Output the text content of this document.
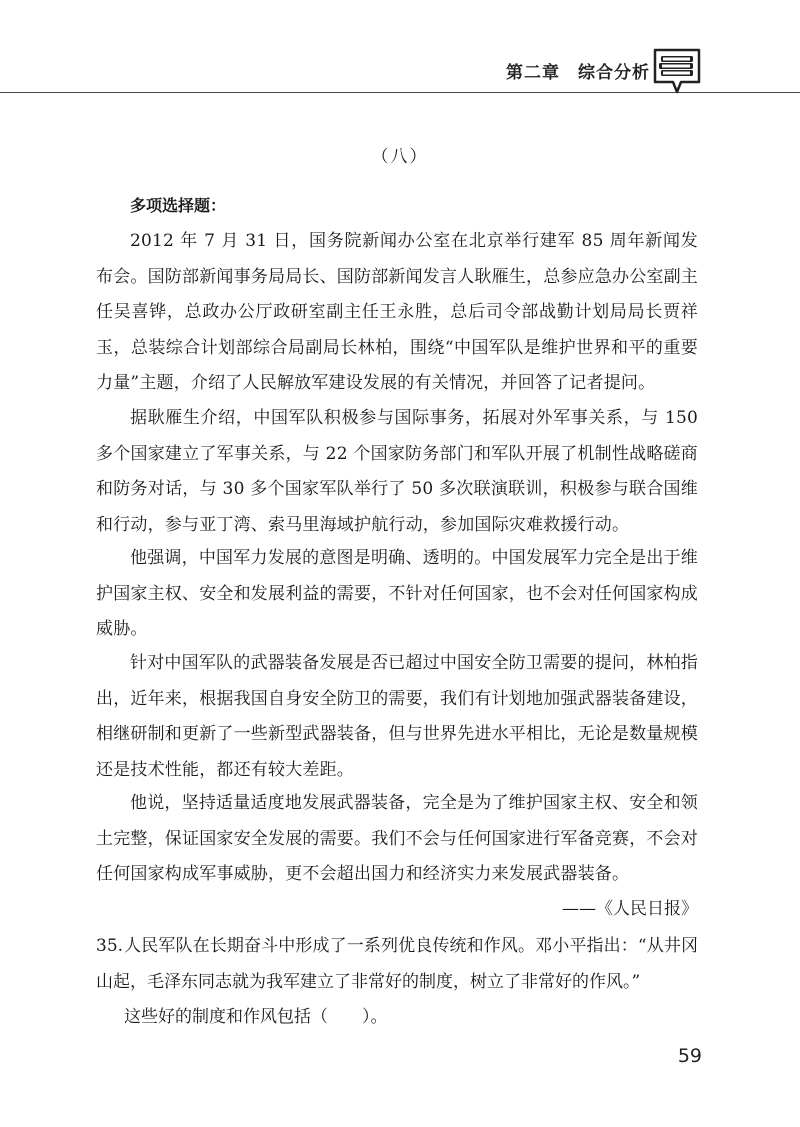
第二章　综合分析
（八）
多项选择题：

2012 年 7 月 31 日，国务院新闻办公室在北京举行建军 85 周年新闻发布会。国防部新闻事务局局长、国防部新闻发言人耿雁生，总参应急办公室副主任吴喜铧，总政办公厅政研室副主任王永胜，总后司令部战勤计划局局长贾祥玉，总装综合计划部综合局副局长林柏，围绕“中国军队是维护世界和平的重要力量”主题，介绍了人民解放军建设发展的有关情况，并回答了记者提问。

据耿雁生介绍，中国军队积极参与国际事务，拓展对外军事关系，与 150 多个国家建立了军事关系，与 22 个国家防务部门和军队开展了机制性战略磋商和防务对话，与 30 多个国家军队举行了 50 多次联演联训，积极参与联合国维和行动，参与亚丁湾、索马里海域护航行动，参加国际灾难救援行动。

他强调，中国军力发展的意图是明确、透明的。中国发展军力完全是出于维护国家主权、安全和发展利益的需要，不针对任何国家，也不会对任何国家构成威胁。

针对中国军队的武器装备发展是否已超过中国安全防卫需要的提问，林柏指出，近年来，根据我国自身安全防卫的需要，我们有计划地加强武器装备建设，相继研制和更新了一些新型武器装备，但与世界先进水平相比，无论是数量规模还是技术性能，都还有较大差距。

他说，坚持适量适度地发展武器装备，完全是为了维护国家主权、安全和领土完整，保证国家安全发展的需要。我们不会与任何国家进行军备竞赛，不会对任何国家构成军事威胁，更不会超出国力和经济实力来发展武器装备。

——《人民日报》
35.人民军队在长期奋斗中形成了一系列优良传统和作风。邓小平指出：“从井冈山起，毛泽东同志就为我军建立了非常好的制度，树立了非常好的作风。”
这些好的制度和作风包括（　　）。
59
